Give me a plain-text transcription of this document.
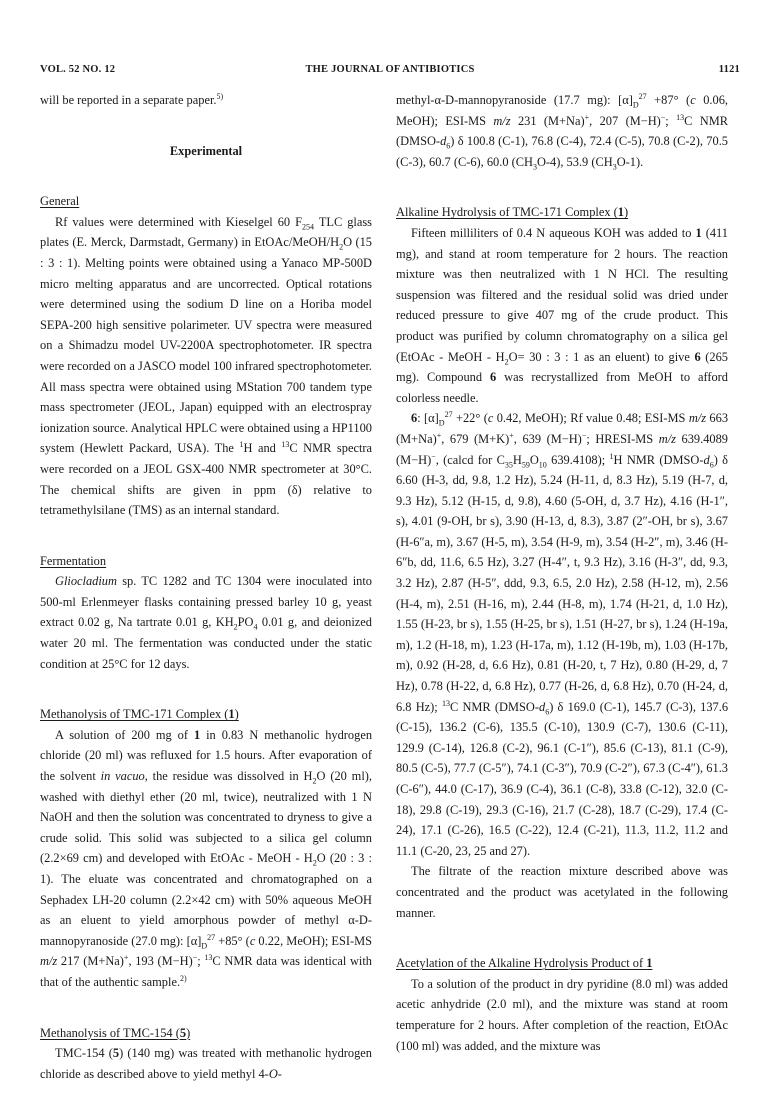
VOL. 52 NO. 12	THE JOURNAL OF ANTIBIOTICS	1121

will be reported in a separate paper.$^{5)}$

Experimental

General

Rf values were determined with Kieselgel 60 $F_{254}$ TLC glass plates (E. Merck, Darmstadt, Germany) in EtOAc/$MeOH/H_2O$ (15 : 3 : 1). Melting points were obtained using a Yanaco MP-500D micro melting apparatus and are uncorrected. Optical rotations were determined using the sodium D line on a Horiba model SEPA-200 high sensitive polarimeter. UV spectra were measured on a Shimadzu model UV-2200A spectrophotometer. IR spectra were recorded on a JASCO model 100 infrared spectrophotometer. All mass spectra were obtained using MStation 700 tandem type mass spectrometer (JEOL, Japan) equipped with an electrospray ionization source. Analytical HPLC were obtained using a HP1100 system (Hewlett Packard, USA). The $^1$H and $^{13}$C NMR spectra were recorded on a JEOL GSX-400 NMR spectrometer at 30°C. The chemical shifts are given in ppm (δ) relative to tetramethylsilane (TMS) as an internal standard.

Fermentation

Gliocladium sp. TC 1282 and TC 1304 were inoculated into 500-ml Erlenmeyer flasks containing pressed barley 10 g, yeast extract 0.02 g, Na tartrate 0.01 g, $KH_2PO_4$ 0.01 g, and deionized water 20 ml. The fermentation was conducted under the static condition at 25°C for 12 days.

Methanolysis of TMC-171 Complex (1)

A solution of 200 mg of 1 in 0.83 N methanolic hydrogen chloride (20 ml) was refluxed for 1.5 hours. After evaporation of the solvent in vacuo, the residue was dissolved in $H_2O$ (20 ml), washed with diethyl ether (20 ml, twice), neutralized with 1 N NaOH and then the solution was concentrated to dryness to give a crude solid. This solid was subjected to a silica gel column (2.2×69 cm) and developed with EtOAc - MeOH - $H_2O$ (20 : 3 : 1). The eluate was concentrated and chromatographed on a Sephadex LH-20 column (2.2×42 cm) with 50% aqueous MeOH as an eluent to yield amorphous powder of methyl α-D-mannopyranoside (27.0 mg): $[\alpha]_D^{27} +85^\circ$ (c 0.22, MeOH); ESI-MS m/z 217 (M+Na)+, 193 (M−H)−; $^{13}$C NMR data was identical with that of the authentic sample.$^{2)}$

Methanolysis of TMC-154 (5)

TMC-154 (5) (140 mg) was treated with methanolic hydrogen chloride as described above to yield methyl 4-O-

methyl-α-D-mannopyranoside (17.7 mg): $[\alpha]_D^{27} +87^\circ$ (c 0.06, MeOH); ESI-MS m/z 231 (M+Na)+, 207 (M−H)−; $^{13}$C NMR $(DMSO-d_6)$ δ 100.8 (C-1), 76.8 (C-4), 72.4 (C-5), 70.8 (C-2), 70.5 (C-3), 60.7 (C-6), 60.0 $(CH_3O-4)$, 53.9 $(CH_3O-1)$.

Alkaline Hydrolysis of TMC-171 Complex (1)

Fifteen milliliters of 0.4 N aqueous KOH was added to 1 (411 mg), and stand at room temperature for 2 hours. The reaction mixture was then neutralized with 1 N HCl. The resulting suspension was filtered and the residual solid was dried under reduced pressure to give 407 mg of the crude product. This product was purified by column chromatography on a silica gel (EtOAc - MeOH - $H_2O= 30$ : 3 : 1 as an eluent) to give 6 (265 mg). Compound 6 was recrystallized from MeOH to afford colorless needle.

6: $[\alpha]_D^{27} +22^\circ$ (c 0.42, MeOH); Rf value 0.48; ESI-MS m/z 663 (M+Na)+, 679 (M+K)+, 639 (M−H)−; HRESI-MS m/z 639.4089 (M−H)−, (calcd for $C_{35}H_{59}O_{10}$ 639.4108); $^1$H NMR $(DMSO-d_6)$ δ 6.60 (H-3, dd, 9.8, 1.2 Hz), 5.24 (H-11, d, 8.3 Hz), 5.19 (H-7, d, 9.3 Hz), 5.12 (H-15, d, 9.8), 4.60 (5-OH, d, 3.7 Hz), 4.16 (H-1″, s), 4.01 (9-OH, br s), 3.90 (H-13, d, 8.3), 3.87 (2″-OH, br s), 3.67 (H-6″a, m), 3.67 (H-5, m), 3.54 (H-9, m), 3.54 (H-2″, m), 3.46 (H-6″b, dd, 11.6, 6.5 Hz), 3.27 (H-4″, t, 9.3 Hz), 3.16 (H-3″, dd, 9.3, 3.2 Hz), 2.87 (H-5″, ddd, 9.3, 6.5, 2.0 Hz), 2.58 (H-12, m), 2.56 (H-4, m), 2.51 (H-16, m), 2.44 (H-8, m), 1.74 (H-21, d, 1.0 Hz), 1.55 (H-23, br s), 1.55 (H-25, br s), 1.51 (H-27, br s), 1.24 (H-19a, m), 1.2 (H-18, m), 1.23 (H-17a, m), 1.12 (H-19b, m), 1.03 (H-17b, m), 0.92 (H-28, d, 6.6 Hz), 0.81 (H-20, t, 7 Hz), 0.80 (H-29, d, 7 Hz), 0.78 (H-22, d, 6.8 Hz), 0.77 (H-26, d, 6.8 Hz), 0.70 (H-24, d, 6.8 Hz); $^{13}$C NMR $(DMSO-d_6)$ δ 169.0 (C-1), 145.7 (C-3), 137.6 (C-15), 136.2 (C-6), 135.5 (C-10), 130.9 (C-7), 130.6 (C-11), 129.9 (C-14), 126.8 (C-2), 96.1 (C-1″), 85.6 (C-13), 81.1 (C-9), 80.5 (C-5), 77.7 (C-5″), 74.1 (C-3″), 70.9 (C-2″), 67.3 (C-4″), 61.3 (C-6″), 44.0 (C-17), 36.9 (C-4), 36.1 (C-8), 33.8 (C-12), 32.0 (C-18), 29.8 (C-19), 29.3 (C-16), 21.7 (C-28), 18.7 (C-29), 17.4 (C-24), 17.1 (C-26), 16.5 (C-22), 12.4 (C-21), 11.3, 11.2, 11.2 and 11.1 (C-20, 23, 25 and 27).

The filtrate of the reaction mixture described above was concentrated and the product was acetylated in the following manner.

Acetylation of the Alkaline Hydrolysis Product of 1

To a solution of the product in dry pyridine (8.0 ml) was added acetic anhydride (2.0 ml), and the mixture was stand at room temperature for 2 hours. After completion of the reaction, EtOAc (100 ml) was added, and the mixture was
